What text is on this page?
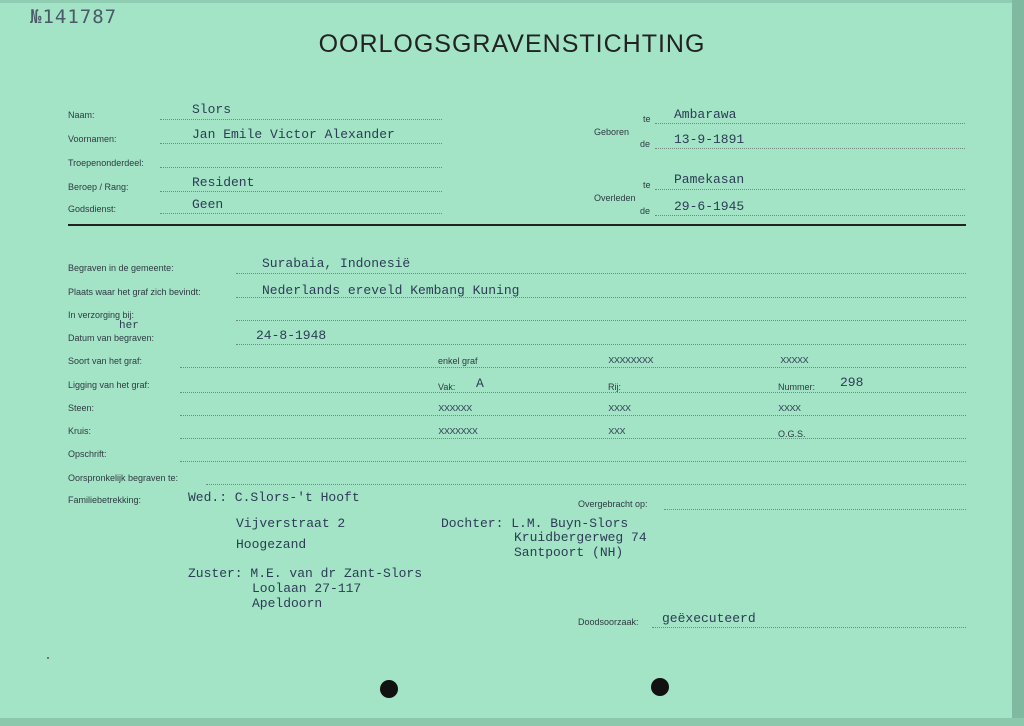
№141787
OORLOGSGRAVENSTICHTING
Naam:	Slors
Voornamen:	Jan Emile Victor Alexander
Troepenonderdeel:
Beroep / Rang:	Resident
Godsdienst:	Geen
Geboren
te Ambarawa
de 13-9-1891
Overleden
te Pamekasan
de 29-6-1945
Begraven in de gemeente:	Surabaia, Indonesië
Plaats waar het graf zich bevindt:	Nederlands ereveld Kembang Kuning
In verzorging bij:
Datum van begraven:
her
24-8-1948
Soort van het graf:	enkel graf	xxxxxxxx	xxxxx
Ligging van het graf:	Vak: A	Rij:	Nummer: 298
Steen:	xxxxxx	xxxx	xxxx
Kruis:	xxxxxxx	xxx	O.G.S.
Opschrift:
Oorspronkelijk begraven te:
Familiebetrekking:	Wed.: C.Slors-'t Hooft	Overgebracht op:
Vijverstraat 2
Hoogezand
Dochter: L.M. Buyn-Slors
Kruidbergerweg 74
Santpoort (NH)
Zuster: M.E. van dr Zant-Slors
Loolaan 27-117
Apeldoorn
Doodsoorzaak: geëxecuteerd
